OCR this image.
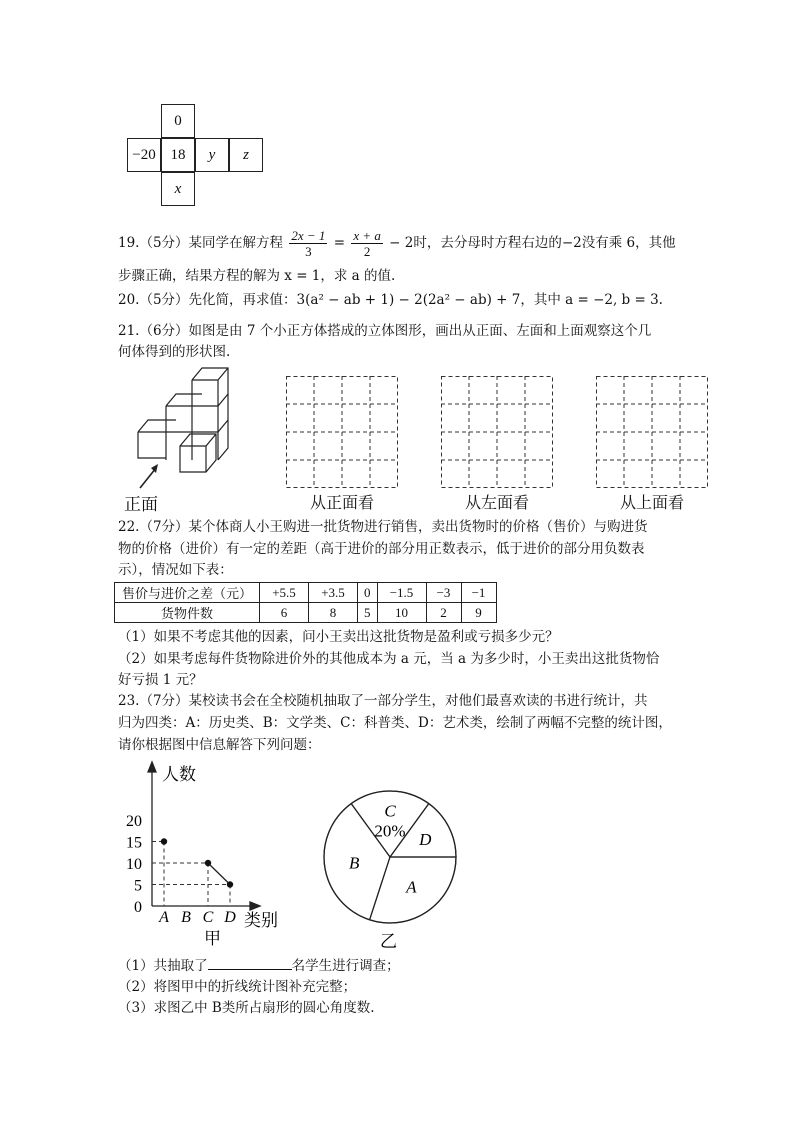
0
−20 18 y z
x
19.（5分）某同学在解方程 $\frac{2x - 1}{3} = \frac{x + a}{2} - 2$时，去分母时方程右边的−2没有乘 6，其他
步骤正确，结果方程的解为 x = 1，求 a 的值.
20.（5分）先化简，再求值：3(a² − ab + 1) − 2(2a² − ab) + 7，其中 a = −2, b = 3.
21.（6分）如图是由 7 个小正方体搭成的立体图形，画出从正面、左面和上面观察这个几
何体得到的形状图.
正面	从正面看	从左面看	从上面看
22.（7分）某个体商人小王购进一批货物进行销售，卖出货物时的价格（售价）与购进货
物的价格（进价）有一定的差距（高于进价的部分用正数表示，低于进价的部分用负数表
示），情况如下表：
售价与进价之差（元）	+5.5	+3.5	0	−1.5	−3	−1
货物件数	6	8	5	10	2	9
（1）如果不考虑其他的因素，问小王卖出这批货物是盈利或亏损多少元？
（2）如果考虑每件货物除进价外的其他成本为 a 元，当 a 为多少时，小王卖出这批货物恰
好亏损 1 元？
23.（7分）某校读书会在全校随机抽取了一部分学生，对他们最喜欢读的书进行统计，共
归为四类：A：历史类、B：文学类、C：科普类、D：艺术类，绘制了两幅不完整的统计图，
请你根据图中信息解答下列问题：
人数
类别
甲
0
5
10
15
20
A B C D
C
20% D
A
B
乙
（1）共抽取了	名学生进行调查；
（2）将图甲中的折线统计图补充完整；
（3）求图乙中 B类所占扇形的圆心角度数.
